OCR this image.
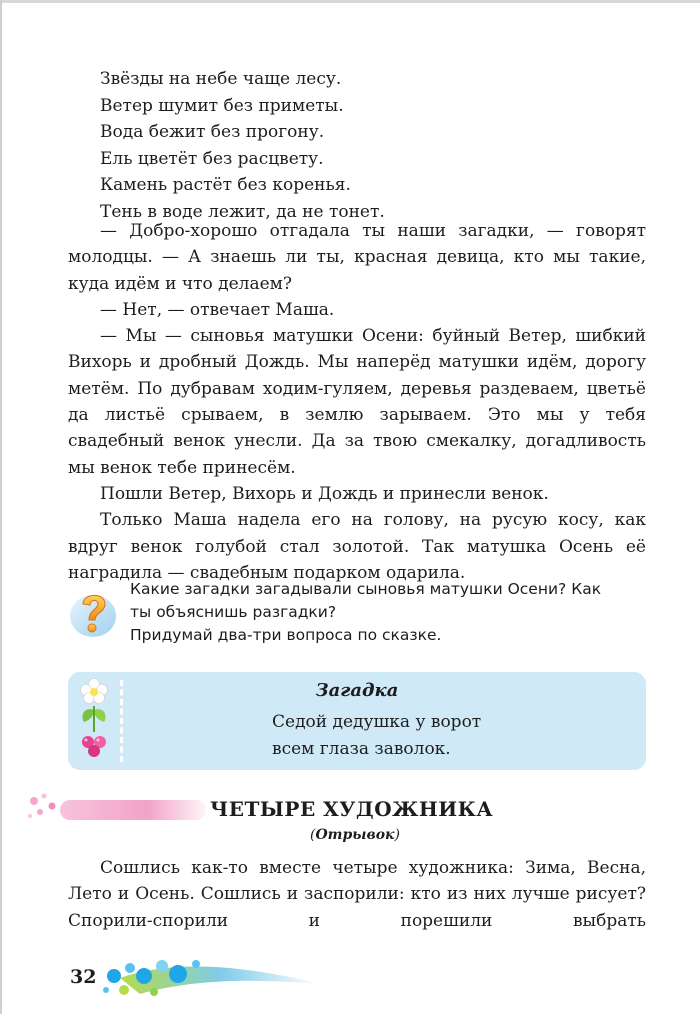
Звёзды на небе чаще лесу.
Ветер шумит без приметы.
Вода бежит без прогону.
Ель цветёт без расцвету.
Камень растёт без коренья.
Тень в воде лежит, да не тонет.

— Добро-хорошо отгадала ты наши загадки, — говорят молодцы. — А знаешь ли ты, красная девица, кто мы такие, куда идём и что делаем?

— Нет, — отвечает Маша.

— Мы — сыновья матушки Осени: буйный Ветер, шибкий Вихорь и дробный Дождь. Мы наперёд матушки идём, дорогу метём. По дубравам ходим-гуляем, деревья раздеваем, цветьё да листьё срываем, в землю зарываем. Это мы у тебя свадебный венок унесли. Да за твою смекалку, догадливость мы венок тебе принесём.

Пошли Ветер, Вихорь и Дождь и принесли венок.

Только Маша надела его на голову, на русую косу, как вдруг венок голубой стал золотой. Так матушка Осень её наградила — свадебным подарком одарила.

Какие загадки загадывали сыновья матушки Осени? Как
ты объяснишь разгадки?
Придумай два-три вопроса по сказке.
Загадка
Седой дедушка у ворот
всем глаза заволок.
ЧЕТЫРЕ ХУДОЖНИКА
(Отрывок)

Сошлись как-то вместе четыре художника: Зима, Весна, Лето и Осень. Сошлись и заспорили: кто из них лучше рисует? Спорили-спорили и порешили выбрать

32
